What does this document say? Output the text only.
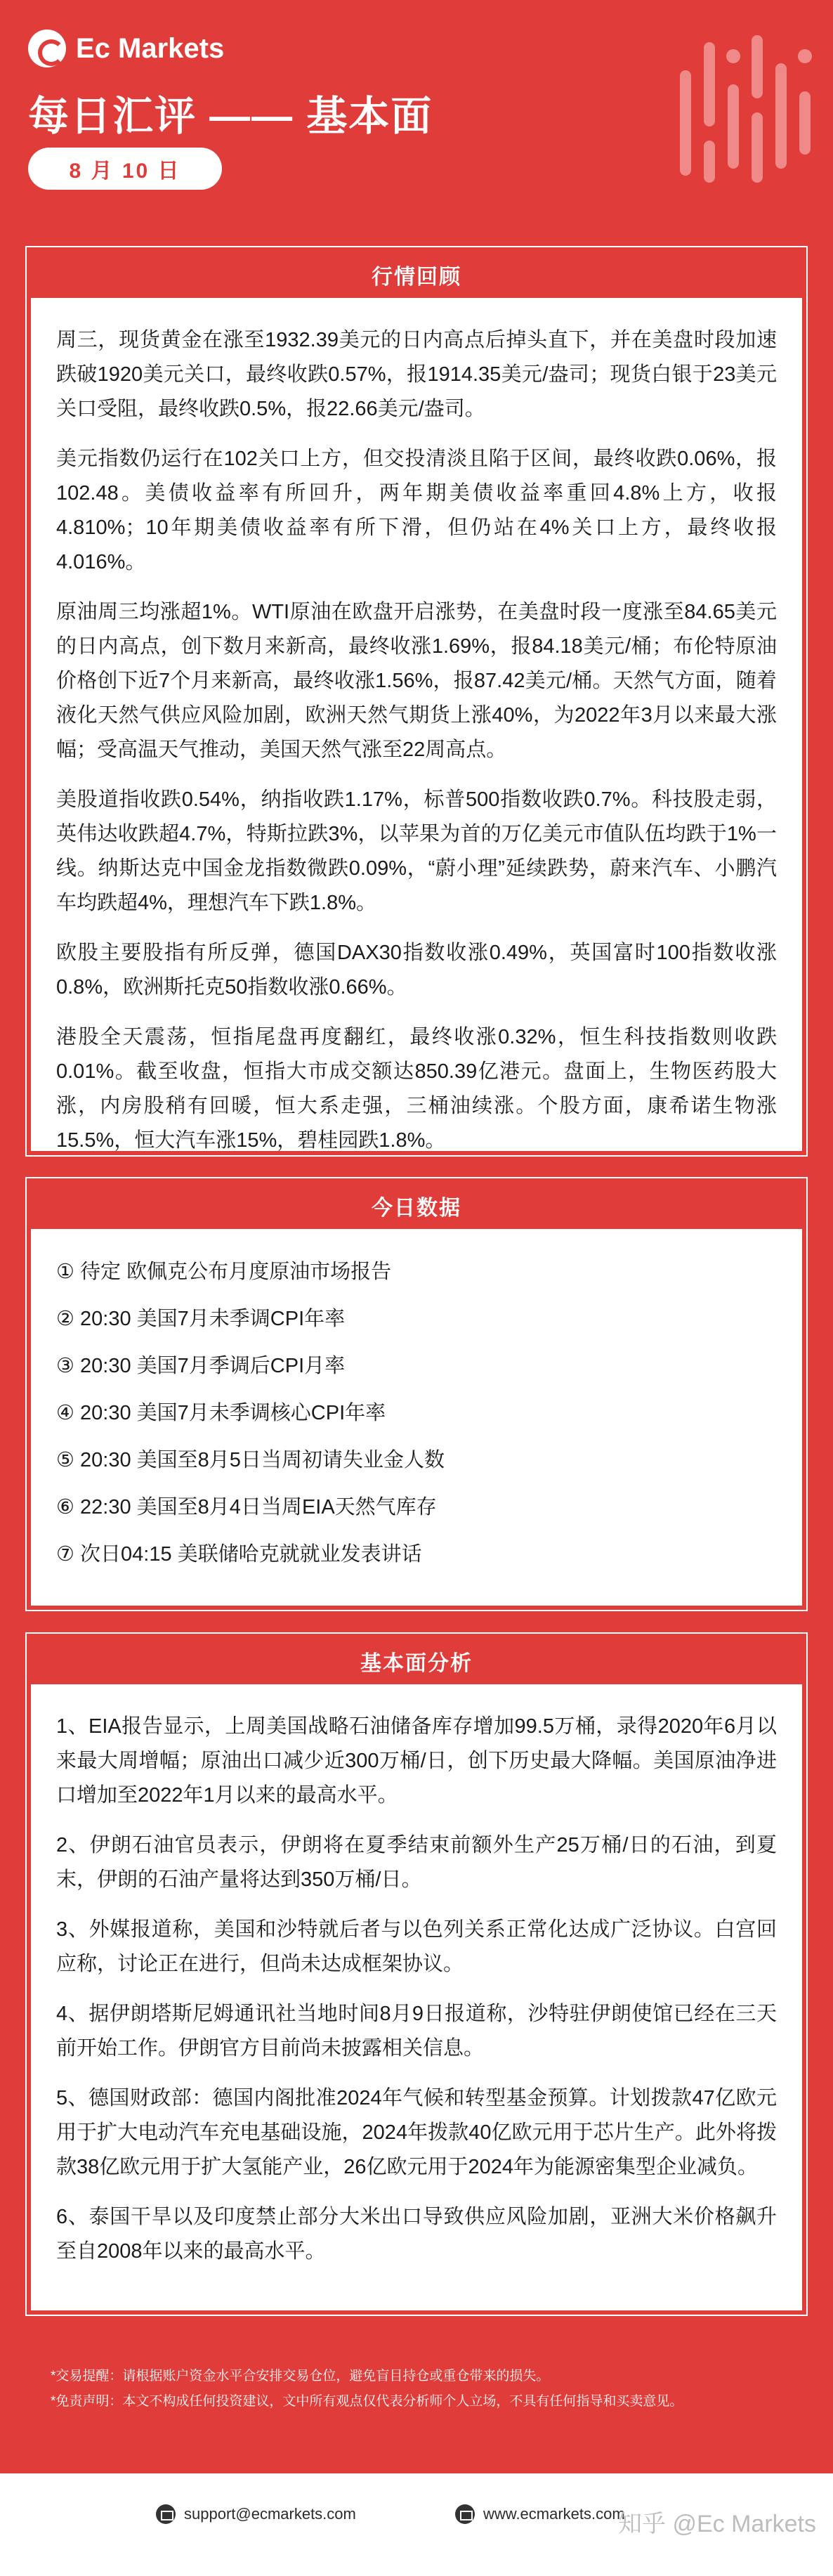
Ec Markets
每日汇评 —— 基本面
8 月 10 日
行情回顾

周三，现货黄金在涨至1932.39美元的日内高点后掉头直下，并在美盘时段加速跌破1920美元关口，最终收跌0.57%，报1914.35美元/盎司；现货白银于23美元关口受阻，最终收跌0.5%，报22.66美元/盎司。

美元指数仍运行在102关口上方，但交投清淡且陷于区间，最终收跌0.06%，报102.48。美债收益率有所回升，两年期美债收益率重回4.8%上方，收报4.810%；10年期美债收益率有所下滑，但仍站在4%关口上方，最终收报4.016%。

原油周三均涨超1%。WTI原油在欧盘开启涨势，在美盘时段一度涨至84.65美元的日内高点，创下数月来新高，最终收涨1.69%，报84.18美元/桶；布伦特原油价格创下近7个月来新高，最终收涨1.56%，报87.42美元/桶。天然气方面，随着液化天然气供应风险加剧，欧洲天然气期货上涨40%，为2022年3月以来最大涨幅；受高温天气推动，美国天然气涨至22周高点。

美股道指收跌0.54%，纳指收跌1.17%，标普500指数收跌0.7%。科技股走弱，英伟达收跌超4.7%，特斯拉跌3%，以苹果为首的万亿美元市值队伍均跌于1%一线。纳斯达克中国金龙指数微跌0.09%，“蔚小理”延续跌势，蔚来汽车、小鹏汽车均跌超4%，理想汽车下跌1.8%。

欧股主要股指有所反弹，德国DAX30指数收涨0.49%，英国富时100指数收涨0.8%，欧洲斯托克50指数收涨0.66%。

港股全天震荡，恒指尾盘再度翻红，最终收涨0.32%，恒生科技指数则收跌0.01%。截至收盘，恒指大市成交额达850.39亿港元。盘面上，生物医药股大涨，内房股稍有回暖，恒大系走强，三桶油续涨。个股方面，康希诺生物涨15.5%，恒大汽车涨15%，碧桂园跌1.8%。

今日数据
① 待定 欧佩克公布月度原油市场报告
② 20:30 美国7月未季调CPI年率
③ 20:30 美国7月季调后CPI月率
④ 20:30 美国7月未季调核心CPI年率
⑤ 20:30 美国至8月5日当周初请失业金人数
⑥ 22:30 美国至8月4日当周EIA天然气库存
⑦ 次日04:15 美联储哈克就就业发表讲话
基本面分析

1、EIA报告显示，上周美国战略石油储备库存增加99.5万桶，录得2020年6月以来最大周增幅；原油出口减少近300万桶/日，创下历史最大降幅。美国原油净进口增加至2022年1月以来的最高水平。

2、伊朗石油官员表示，伊朗将在夏季结束前额外生产25万桶/日的石油，到夏末，伊朗的石油产量将达到350万桶/日。

3、外媒报道称，美国和沙特就后者与以色列关系正常化达成广泛协议。白宫回应称，讨论正在进行，但尚未达成框架协议。

4、据伊朗塔斯尼姆通讯社当地时间8月9日报道称，沙特驻伊朗使馆已经在三天前开始工作。伊朗官方目前尚未披露相关信息。

5、德国财政部：德国内阁批准2024年气候和转型基金预算。计划拨款47亿欧元用于扩大电动汽车充电基础设施，2024年拨款40亿欧元用于芯片生产。此外将拨款38亿欧元用于扩大氢能产业，26亿欧元用于2024年为能源密集型企业减负。

6、泰国干旱以及印度禁止部分大米出口导致供应风险加剧，亚洲大米价格飙升至自2008年以来的最高水平。

*交易提醒：请根据账户资金水平合安排交易仓位，避免盲目持仓或重仓带来的损失。
*免责声明：本文不构成任何投资建议，文中所有观点仅代表分析师个人立场，不具有任何指导和买卖意见。
support@ecmarkets.com	www.ecmarkets.com
知乎 @Ec Markets
